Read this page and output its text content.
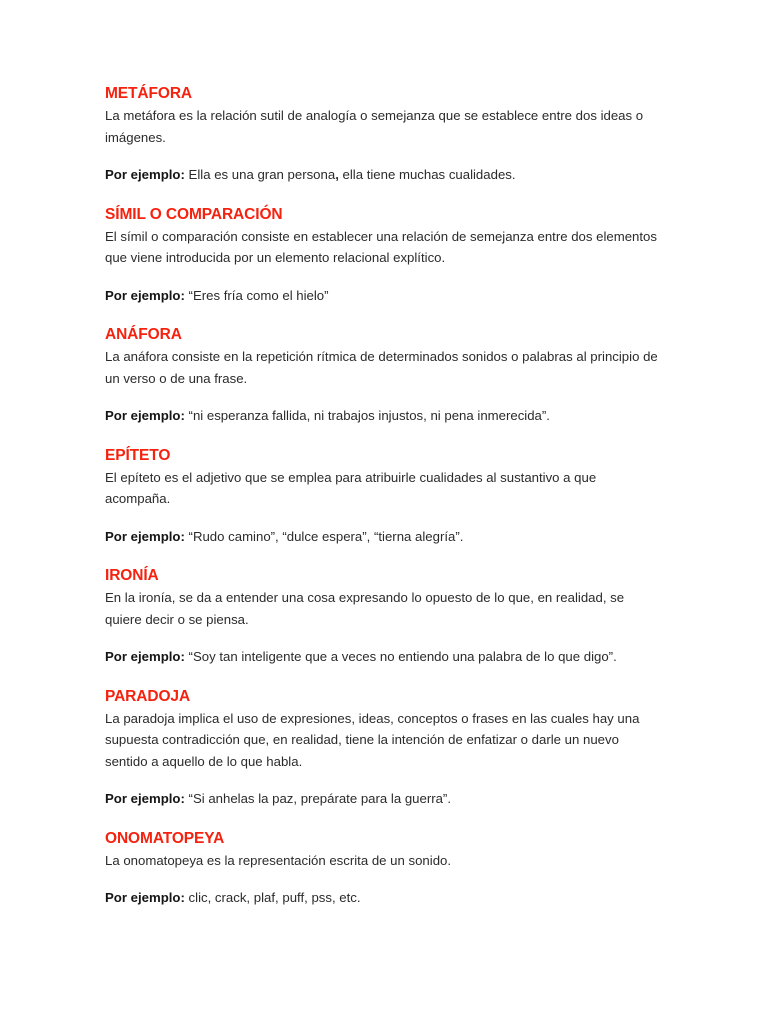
METÁFORA

La metáfora es la relación sutil de analogía o semejanza que se establece entre dos ideas o imágenes.

Por ejemplo: Ella es una gran persona, ella tiene muchas cualidades.

SÍMIL O COMPARACIÓN

El símil o comparación consiste en establecer una relación de semejanza entre dos elementos que viene introducida por un elemento relacional explítico.

Por ejemplo: “Eres fría como el hielo”

ANÁFORA

La anáfora consiste en la repetición rítmica de determinados sonidos o palabras al principio de un verso o de una frase.

Por ejemplo: “ni esperanza fallida, ni trabajos injustos, ni pena inmerecida”.

EPÍTETO

El epíteto es el adjetivo que se emplea para atribuirle cualidades al sustantivo a que acompaña.

Por ejemplo: “Rudo camino”, “dulce espera”, “tierna alegría”.

IRONÍA

En la ironía, se da a entender una cosa expresando lo opuesto de lo que, en realidad, se quiere decir o se piensa.

Por ejemplo: “Soy tan inteligente que a veces no entiendo una palabra de lo que digo”.

PARADOJA

La paradoja implica el uso de expresiones, ideas, conceptos o frases en las cuales hay una supuesta contradicción que, en realidad, tiene la intención de enfatizar o darle un nuevo sentido a aquello de lo que habla.

Por ejemplo: “Si anhelas la paz, prepárate para la guerra”.

ONOMATOPEYA

La onomatopeya es la representación escrita de un sonido.

Por ejemplo: clic, crack, plaf, puff, pss, etc.
